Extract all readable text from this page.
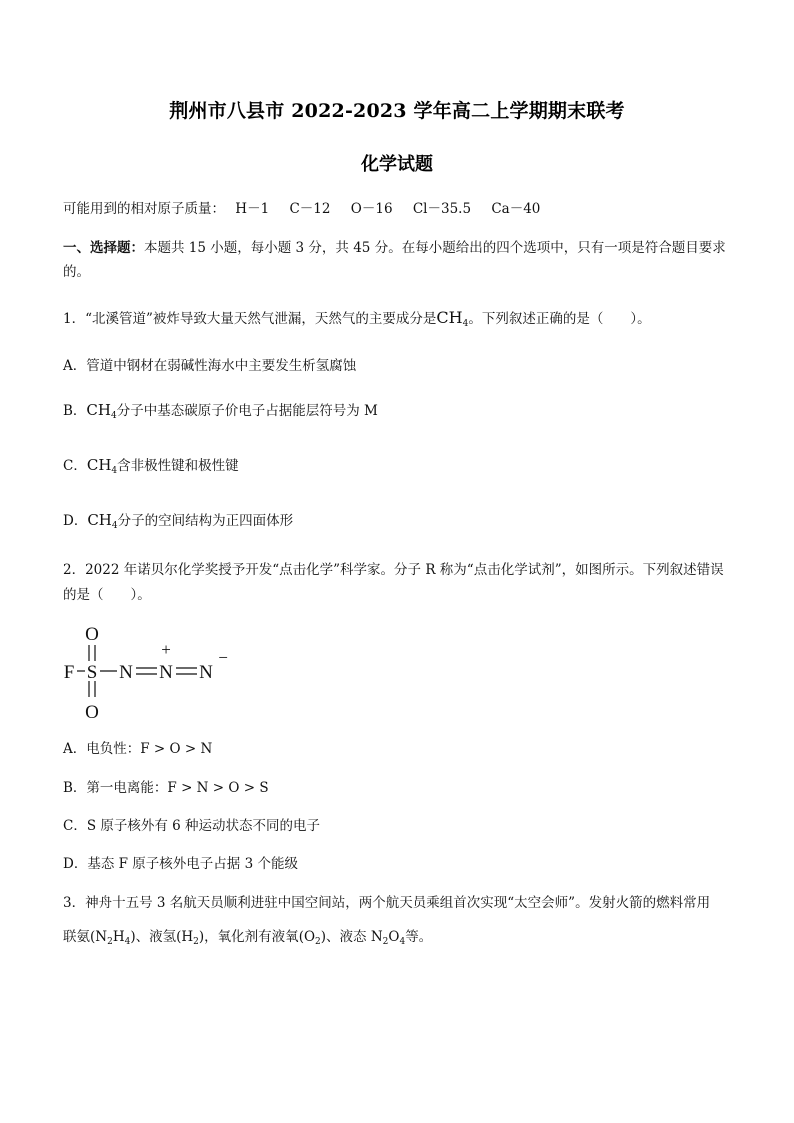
荆州市八县市 2022-2023 学年高二上学期期末联考
化学试题
可能用到的相对原子质量： H－1 C－12 O－16 Cl－35.5 Ca－40
一、选择题：本题共 15 小题，每小题 3 分，共 45 分。在每小题给出的四个选项中，只有一项是符合题目要求的。
1．“北溪管道”被炸导致大量天然气泄漏，天然气的主要成分是$CH_4$。下列叙述正确的是（　　）。
A．管道中钢材在弱碱性海水中主要发生析氢腐蚀
B．$CH_4$分子中基态碳原子价电子占据能层符号为 M
C．$CH_4$含非极性键和极性键
D．$CH_4$分子的空间结构为正四面体形
2．2022 年诺贝尔化学奖授予开发“点击化学”科学家。分子 R 称为“点击化学试剂”，如图所示。下列叙述错误的是（　　）。
O
F S N N
+
N
−
O
A．电负性：F > O > N
B．第一电离能：F > N > O > S
C．S 原子核外有 6 种运动状态不同的电子
D．基态 F 原子核外电子占据 3 个能级
3．神舟十五号 3 名航天员顺利进驻中国空间站，两个航天员乘组首次实现“太空会师”。发射火箭的燃料常用
联氨$(N_2H_4)$、液氢$(H_2)$，氧化剂有液氧$(O_2)$、液态 $N_2O_4$等。
